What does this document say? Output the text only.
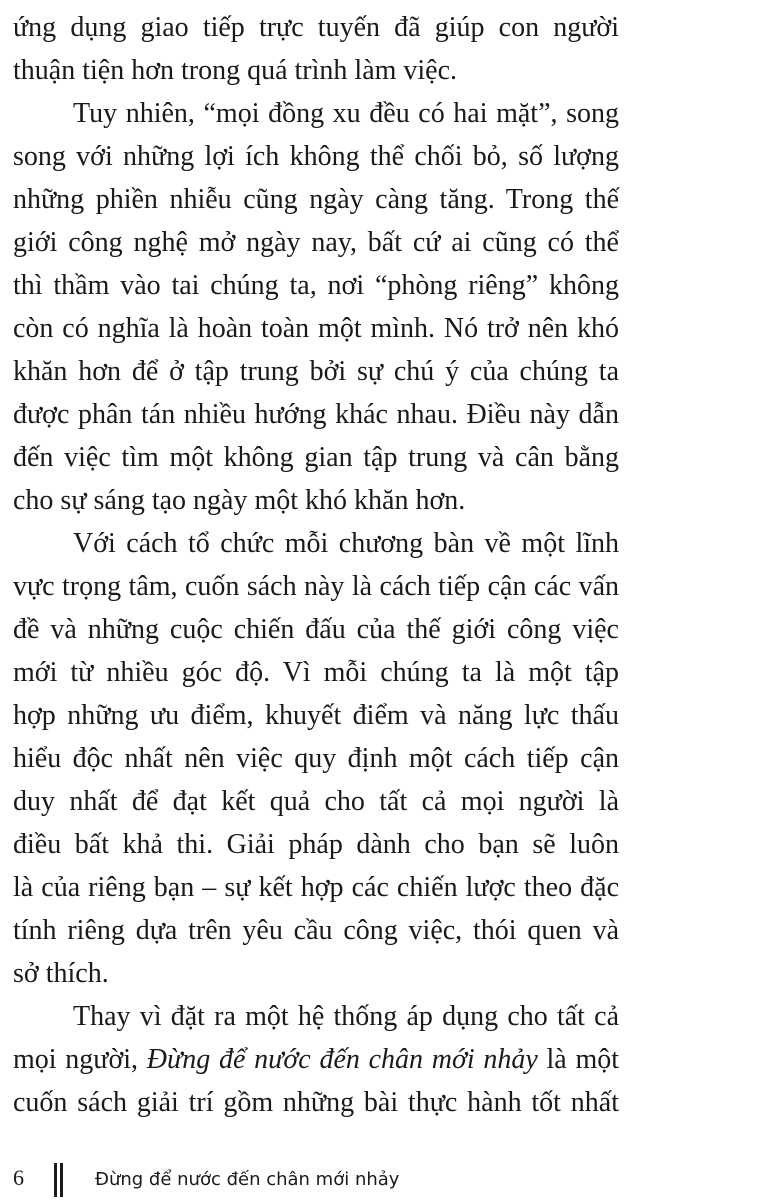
ứng dụng giao tiếp trực tuyến đã giúp con người
thuận tiện hơn trong quá trình làm việc.
Tuy nhiên, “mọi đồng xu đều có hai mặt”, song
song với những lợi ích không thể chối bỏ, số lượng
những phiền nhiễu cũng ngày càng tăng. Trong thế
giới công nghệ mở ngày nay, bất cứ ai cũng có thể
thì thầm vào tai chúng ta, nơi “phòng riêng” không
còn có nghĩa là hoàn toàn một mình. Nó trở nên khó
khăn hơn để ở tập trung bởi sự chú ý của chúng ta
được phân tán nhiều hướng khác nhau. Điều này dẫn
đến việc tìm một không gian tập trung và cân bằng
cho sự sáng tạo ngày một khó khăn hơn.
Với cách tổ chức mỗi chương bàn về một lĩnh
vực trọng tâm, cuốn sách này là cách tiếp cận các vấn
đề và những cuộc chiến đấu của thế giới công việc
mới từ nhiều góc độ. Vì mỗi chúng ta là một tập
hợp những ưu điểm, khuyết điểm và năng lực thấu
hiểu độc nhất nên việc quy định một cách tiếp cận
duy nhất để đạt kết quả cho tất cả mọi người là
điều bất khả thi. Giải pháp dành cho bạn sẽ luôn
là của riêng bạn – sự kết hợp các chiến lược theo đặc
tính riêng dựa trên yêu cầu công việc, thói quen và
sở thích.
Thay vì đặt ra một hệ thống áp dụng cho tất cả
mọi người, Đừng để nước đến chân mới nhảy là một
cuốn sách giải trí gồm những bài thực hành tốt nhất
6	Đừng để nước đến chân mới nhảy
